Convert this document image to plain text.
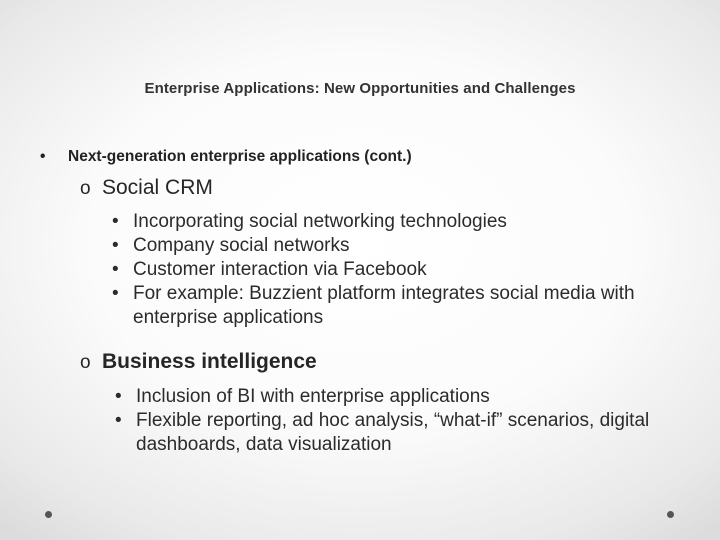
Enterprise Applications: New Opportunities and Challenges
• Next-generation enterprise applications (cont.)
o Social CRM
• Incorporating social networking technologies
• Company social networks
• Customer interaction via Facebook
• For example: Buzzient platform integrates social media with enterprise applications
o Business intelligence
• Inclusion of BI with enterprise applications
• Flexible reporting, ad hoc analysis, “what-if” scenarios, digital dashboards, data visualization
